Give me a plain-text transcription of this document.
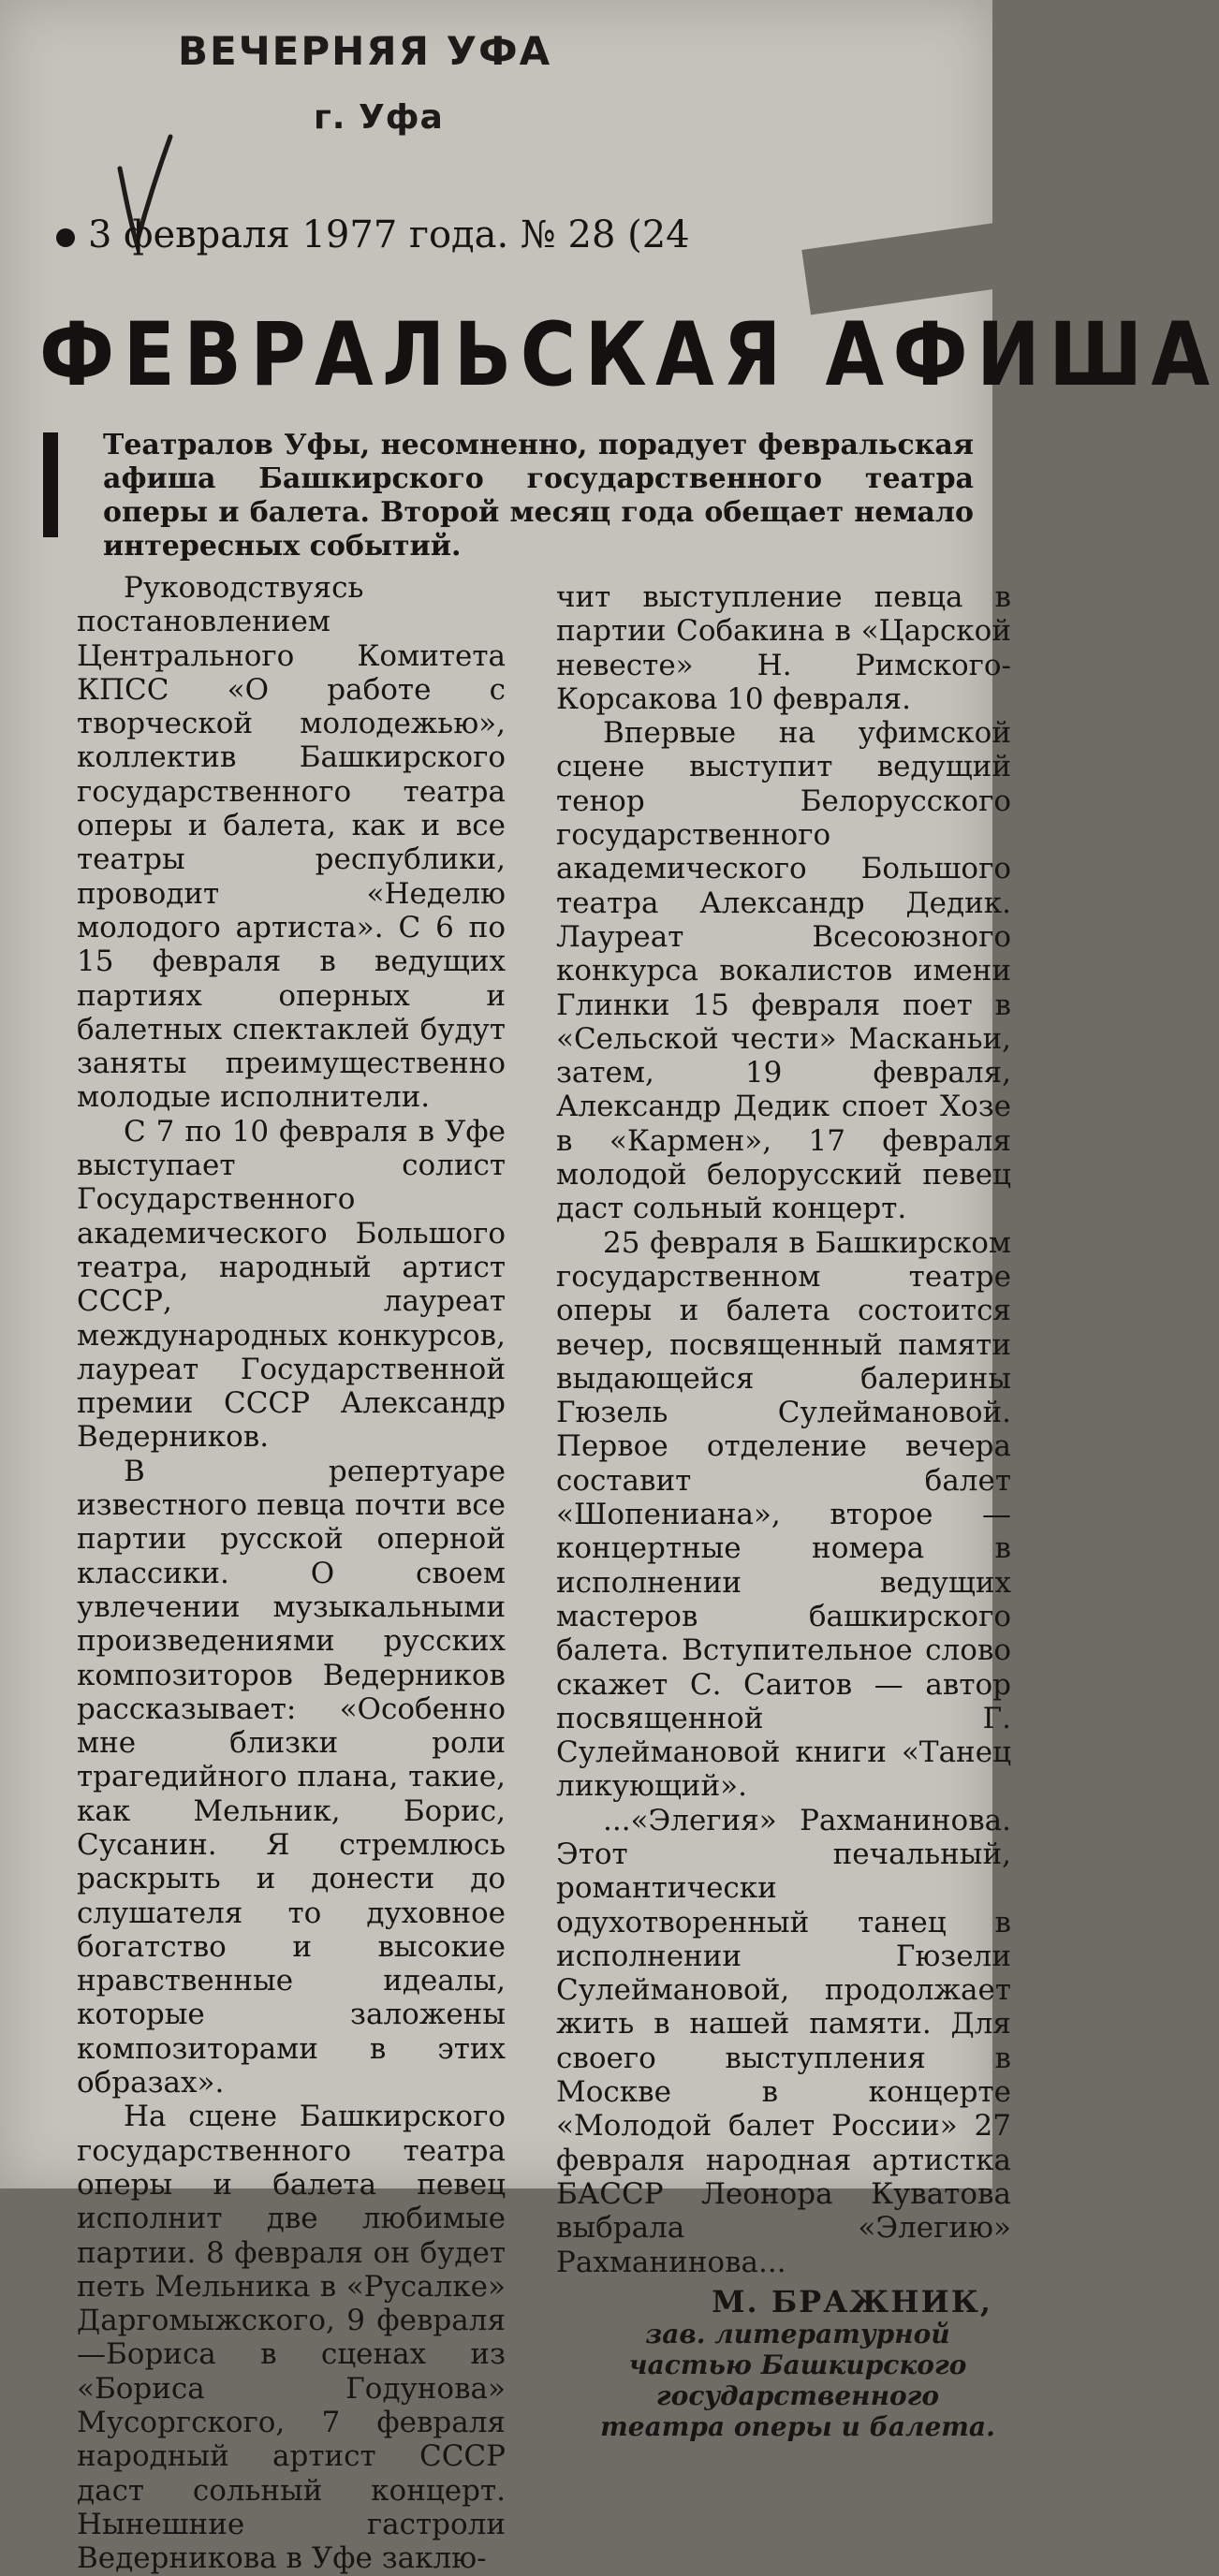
ВЕЧЕРНЯЯ УФА
г. Уфа
3 февраля 1977 года. № 28 (24
ФЕВРАЛЬСКАЯ АФИША
Театралов Уфы, несомненно, порадует февральская афиша Башкирского государственного театра оперы и балета. Второй месяц года обещает немало интересных событий.

Руководствуясь постановлением Центрального Комитета КПСС «О работе с творческой молодежью», коллектив Башкирского государственного театра оперы и балета, как и все театры республики, проводит «Неделю молодого артиста». С 6 по 15 февраля в ведущих партиях оперных и балетных спектаклей будут заняты преимущественно молодые исполнители.

С 7 по 10 февраля в Уфе выступает солист Государственного академического Большого театра, народный артист СССР, лауреат международных конкурсов, лауреат Государственной премии СССР Александр Ведерников.

В репертуаре известного певца почти все партии русской оперной классики. О своем увлечении музыкальными произведениями русских композиторов Ведерников рассказывает: «Особенно мне близки роли трагедийного плана, такие, как Мельник, Борис, Сусанин. Я стремлюсь раскрыть и донести до слушателя то духовное богатство и высокие нравственные идеалы, которые заложены композиторами в этих образах».

На сцене Башкирского государственного театра оперы и балета певец исполнит две любимые партии. 8 февраля он будет петь Мельника в «Русалке» Даргомыжского, 9 февраля —Бориса в сценах из «Бориса Годунова» Мусоргского, 7 февраля народный артист СССР даст сольный концерт. Нынешние гастроли Ведерникова в Уфе заклю-

чит выступление певца в партии Собакина в «Царской невесте» Н. Римского-Корсакова 10 февраля.

Впервые на уфимской сцене выступит ведущий тенор Белорусского государственного академического Большого театра Александр Дедик. Лауреат Всесоюзного конкурса вокалистов имени Глинки 15 февраля поет в «Сельской чести» Масканьи, затем, 19 февраля, Александр Дедик споет Хозе в «Кармен», 17 февраля молодой белорусский певец даст сольный концерт.

25 февраля в Башкирском государственном театре оперы и балета состоится вечер, посвященный памяти выдающейся балерины Гюзель Сулеймановой. Первое отделение вечера составит балет «Шопениана», второе —концертные номера в исполнении ведущих мастеров башкирского балета. Вступительное слово скажет С. Саитов — автор посвященной Г. Сулеймановой книги «Танец ликующий».

...«Элегия» Рахманинова. Этот печальный, романтически одухотворенный танец в исполнении Гюзели Сулеймановой, продолжает жить в нашей памяти. Для своего выступления в Москве в концерте «Молодой балет России» 27 февраля народная артистка БАССР Леонора Куватова выбрала «Элегию» Рахманинова...

М. БРАЖНИК,
зав. литературной частью Башкирского государственного театра оперы и балета.
